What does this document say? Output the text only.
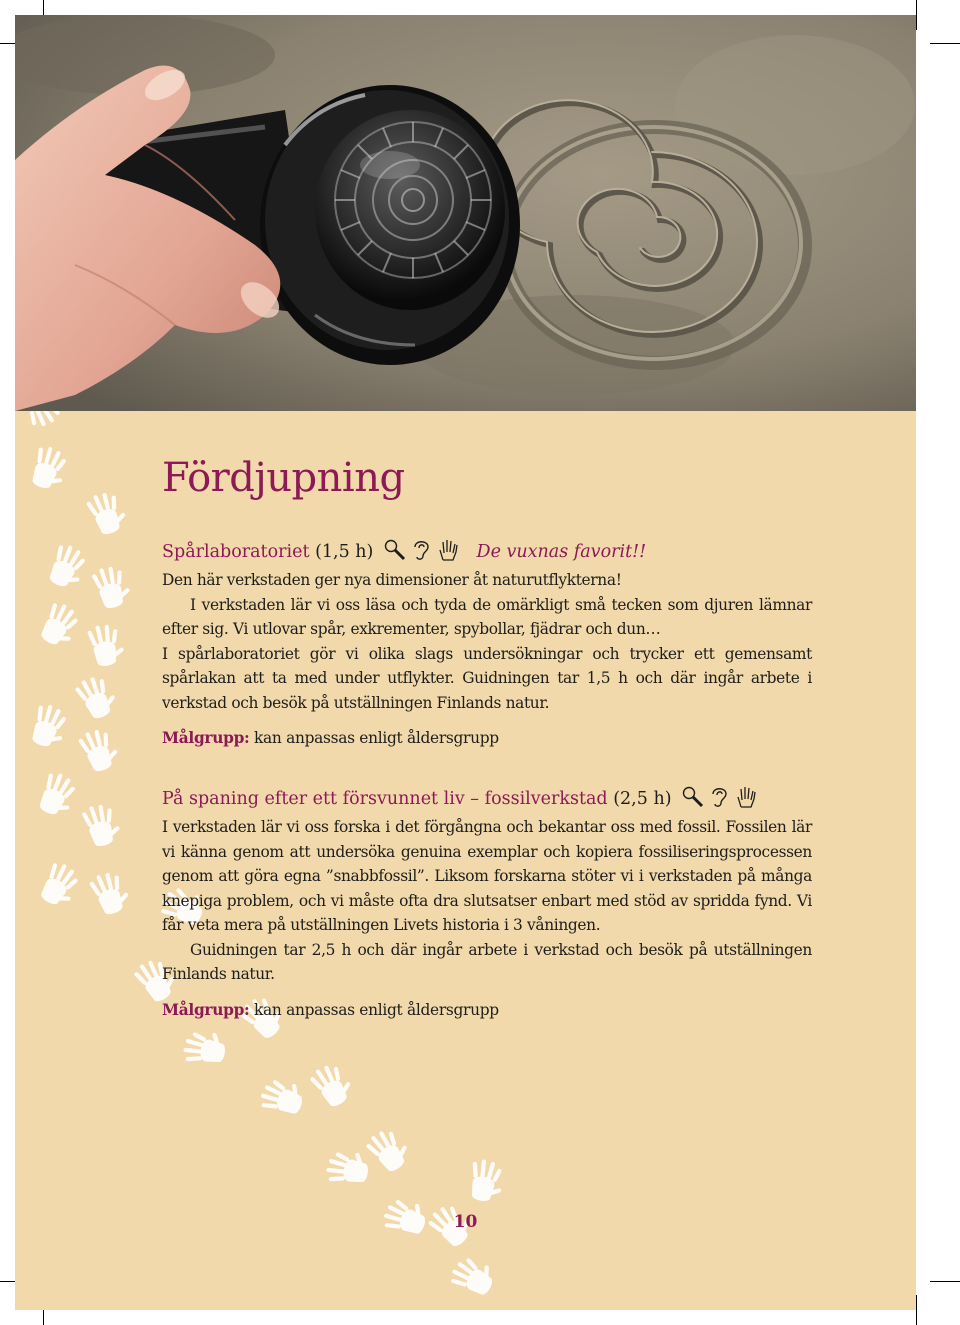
Fördjupning
Spårlaboratoriet (1,5 h)	De vuxnas favorit!!

Den här verkstaden ger nya dimensioner åt naturutflykterna!

I verkstaden lär vi oss läsa och tyda de omärkligt små tecken som djuren lämnar efter sig. Vi utlovar spår, exkrementer, spybollar, fjädrar och dun…

I spårlaboratoriet gör vi olika slags undersökningar och trycker ett gemensamt spårlakan att ta med under utflykter. Guidningen tar 1,5 h och där ingår arbete i verkstad och besök på utställningen Finlands natur.

Målgrupp: kan anpassas enligt åldersgrupp
På spaning efter ett försvunnet liv – fossilverkstad (2,5 h)

I verkstaden lär vi oss forska i det förgångna och bekantar oss med fossil. Fossilen lär vi känna genom att undersöka genuina exemplar och kopiera fossiliseringsprocessen genom att göra egna ”snabbfossil”. Liksom forskarna stöter vi i verkstaden på många knepiga problem, och vi måste ofta dra slutsatser enbart med stöd av spridda fynd. Vi får veta mera på utställningen Livets historia i 3 våningen.

Guidningen tar 2,5 h och där ingår arbete i verkstad och besök på utställningen Finlands natur.

Målgrupp: kan anpassas enligt åldersgrupp
10
